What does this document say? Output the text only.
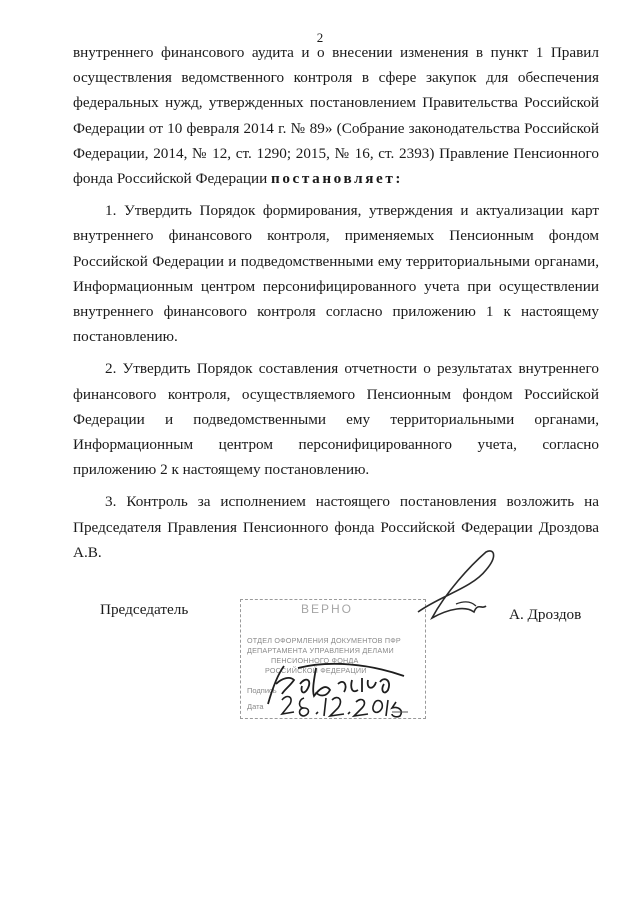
2

внутреннего финансового аудита и о внесении изменения в пункт 1 Правил осуществления ведомственного контроля в сфере закупок для обеспечения федеральных нужд, утвержденных постановлением Правительства Российской Федерации от 10 февраля 2014 г. № 89» (Собрание законодательства Российской Федерации, 2014, № 12, ст. 1290; 2015, № 16, ст. 2393) Правление Пенсионного фонда Российской Федерации постановляет:

1. Утвердить Порядок формирования, утверждения и актуализации карт внутреннего финансового контроля, применяемых Пенсионным фондом Российской Федерации и подведомственными ему территориальными органами, Информационным центром персонифицированного учета при осуществлении внутреннего финансового контроля согласно приложению 1 к настоящему постановлению.

2. Утвердить Порядок составления отчетности о результатах внутреннего финансового контроля, осуществляемого Пенсионным фондом Российской Федерации и подведомственными ему территориальными органами, Информационным центром персонифицированного учета, согласно приложению 2 к настоящему постановлению.

3. Контроль за исполнением настоящего постановления возложить на Председателя Правления Пенсионного фонда Российской Федерации Дроздова А.В.

Председатель	ВЕРНО
ОТДЕЛ ОФОРМЛЕНИЯ ДОКУМЕНТОВ ПФР
ДЕПАРТАМЕНТА УПРАВЛЕНИЯ ДЕЛАМИ
ПЕНСИОННОГО ФОНДА
РОССИЙСКОЙ ФЕДЕРАЦИИ
Подпись
Дата
А. Дроздов
